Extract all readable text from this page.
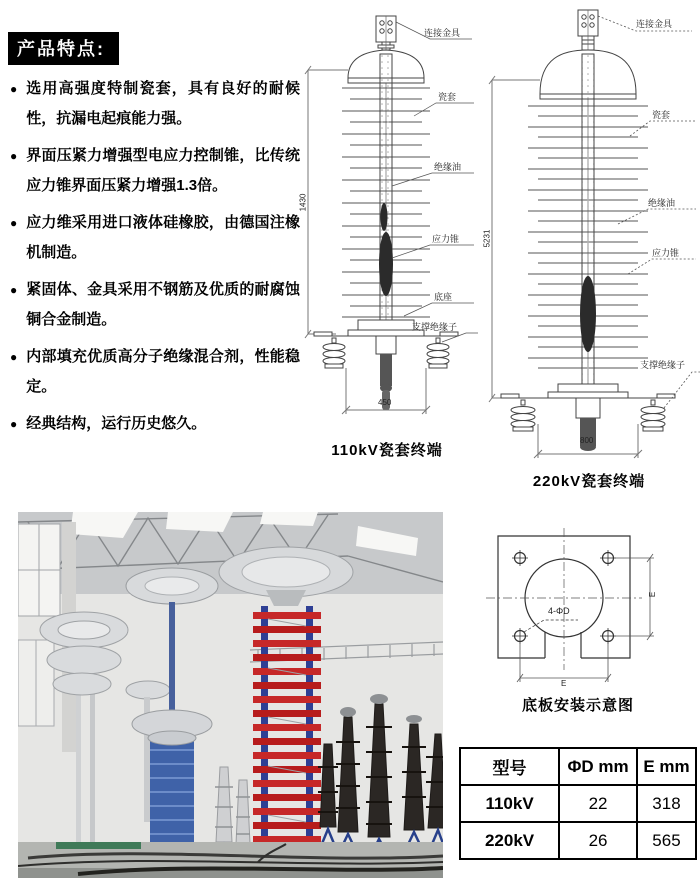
产品特点:
● 选用高强度特制瓷套，具有良好的耐候性，抗漏电起痕能力强。
● 界面压紧力增强型电应力控制锥，比传统应力锥界面压紧力增强1.3倍。
● 应力维采用进口液体硅橡胶，由德国注橡机制造。
● 紧固体、金具采用不钢筋及优质的耐腐蚀铜合金制造。
● 内部填充优质高分子绝缘混合剂，性能稳定。
● 经典结构，运行历史悠久。
连接金具
瓷套
绝缘油
应力锥
底座
支撑绝缘子
1430
450
110kV瓷套终端
连接金具
瓷套
绝缘油
应力锥
支撑绝缘子
5231
800
220kV瓷套终端
4-ΦD
E
E
底板安装示意图
型号	ΦD mm	E mm
110kV	22	318
220kV	26	565
